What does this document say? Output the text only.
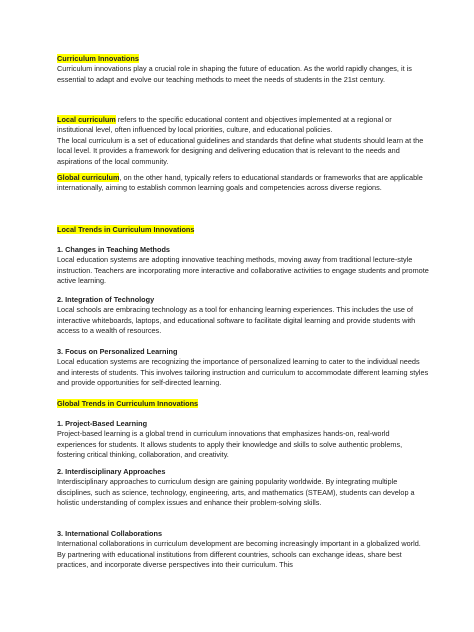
Curriculum Innovations

Curriculum innovations play a crucial role in shaping the future of education. As the world rapidly changes, it is essential to adapt and evolve our teaching methods to meet the needs of students in the 21st century.

Local curriculum refers to the specific educational content and objectives implemented at a regional or institutional level, often influenced by local priorities, culture, and educational policies.

The local curriculum is a set of educational guidelines and standards that define what students should learn at the local level. It provides a framework for designing and delivering education that is relevant to the needs and aspirations of the local community.

Global curriculum, on the other hand, typically refers to educational standards or frameworks that are applicable internationally, aiming to establish common learning goals and competencies across diverse regions.

Local Trends in Curriculum Innovations

1. Changes in Teaching Methods

Local education systems are adopting innovative teaching methods, moving away from traditional lecture-style instruction. Teachers are incorporating more interactive and collaborative activities to engage students and promote active learning.

2. Integration of Technology

Local schools are embracing technology as a tool for enhancing learning experiences. This includes the use of interactive whiteboards, laptops, and educational software to facilitate digital learning and provide students with access to a wealth of resources.

3. Focus on Personalized Learning

Local education systems are recognizing the importance of personalized learning to cater to the individual needs and interests of students. This involves tailoring instruction and curriculum to accommodate different learning styles and provide opportunities for self-directed learning.

Global Trends in Curriculum Innovations

1. Project-Based Learning

Project-based learning is a global trend in curriculum innovations that emphasizes hands-on, real-world experiences for students. It allows students to apply their knowledge and skills to solve authentic problems, fostering critical thinking, collaboration, and creativity.

2. Interdisciplinary Approaches

Interdisciplinary approaches to curriculum design are gaining popularity worldwide. By integrating multiple disciplines, such as science, technology, engineering, arts, and mathematics (STEAM), students can develop a holistic understanding of complex issues and enhance their problem-solving skills.

3. International Collaborations

International collaborations in curriculum development are becoming increasingly important in a globalized world. By partnering with educational institutions from different countries, schools can exchange ideas, share best practices, and incorporate diverse perspectives into their curriculum. This
